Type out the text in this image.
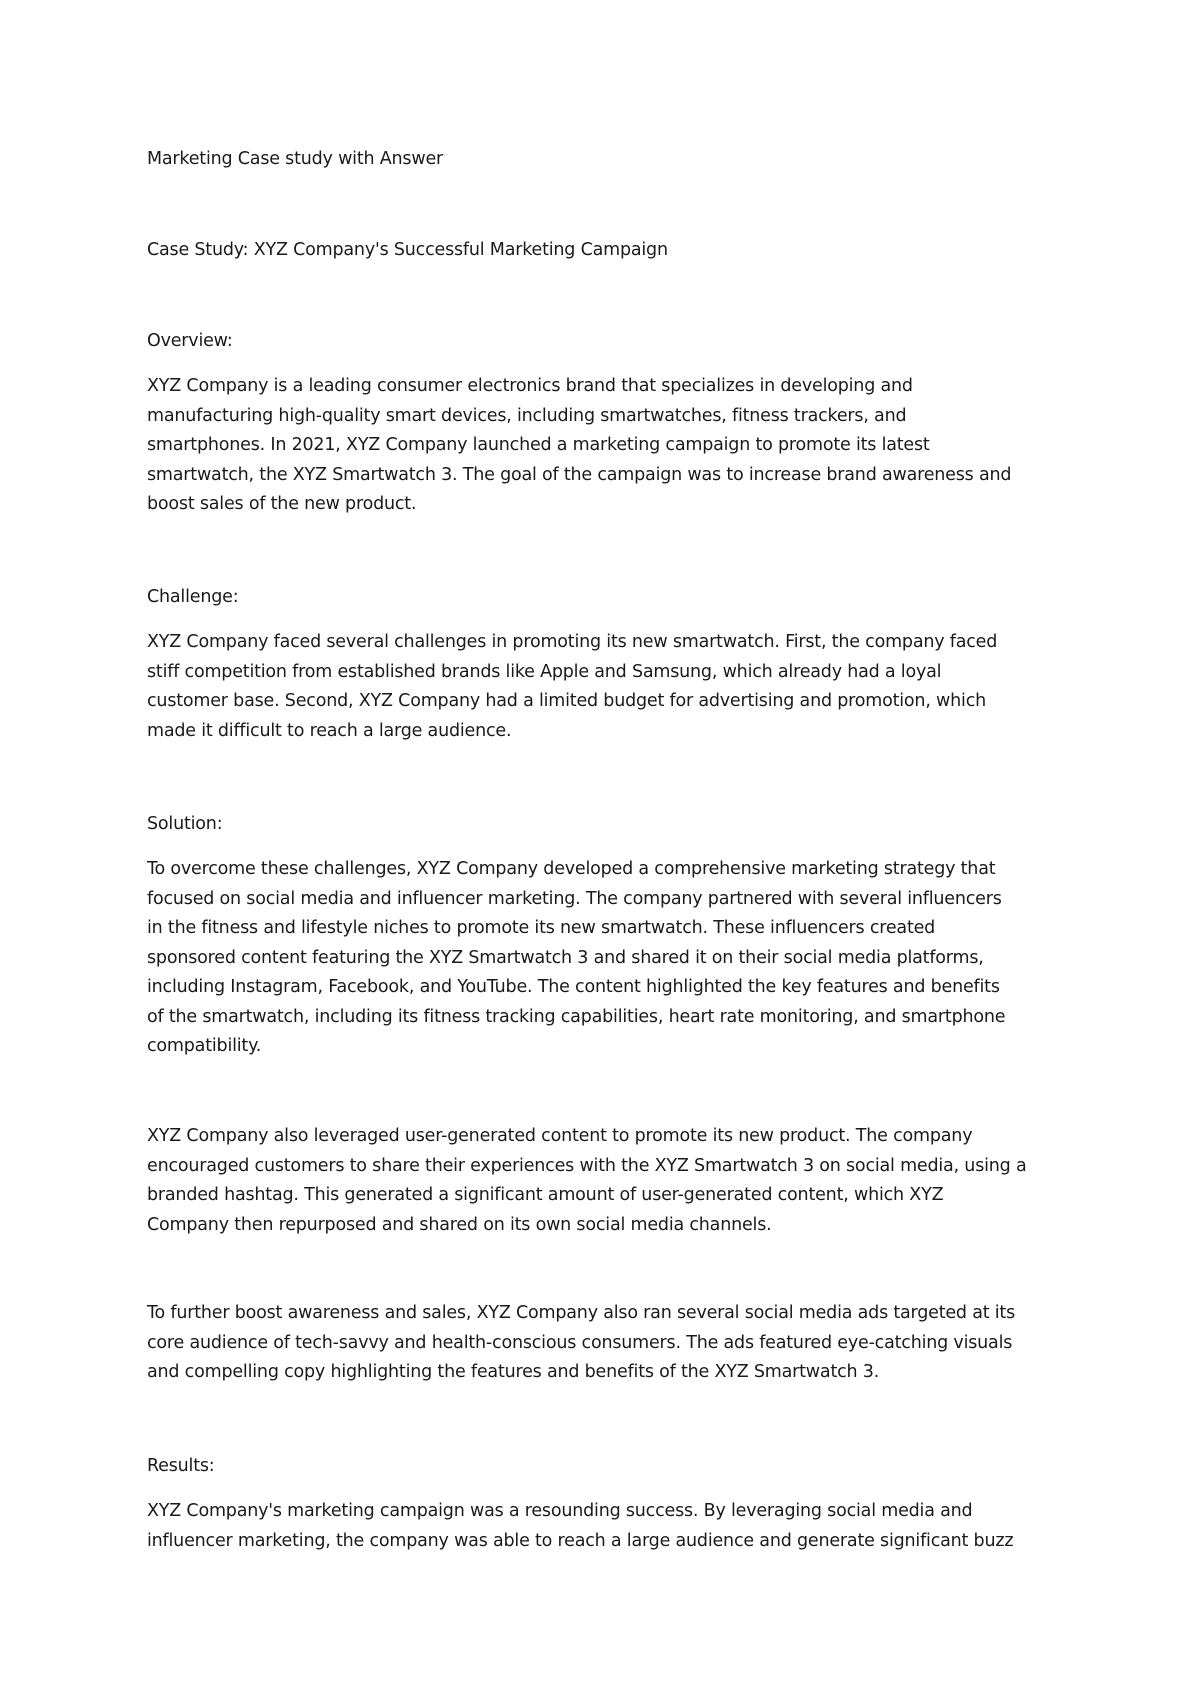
Marketing Case study with Answer

Case Study: XYZ Company's Successful Marketing Campaign

Overview:

XYZ Company is a leading consumer electronics brand that specializes in developing and
manufacturing high-quality smart devices, including smartwatches, fitness trackers, and
smartphones. In 2021, XYZ Company launched a marketing campaign to promote its latest
smartwatch, the XYZ Smartwatch 3. The goal of the campaign was to increase brand awareness and
boost sales of the new product.

Challenge:

XYZ Company faced several challenges in promoting its new smartwatch. First, the company faced
stiff competition from established brands like Apple and Samsung, which already had a loyal
customer base. Second, XYZ Company had a limited budget for advertising and promotion, which
made it difficult to reach a large audience.

Solution:

To overcome these challenges, XYZ Company developed a comprehensive marketing strategy that
focused on social media and influencer marketing. The company partnered with several influencers
in the fitness and lifestyle niches to promote its new smartwatch. These influencers created
sponsored content featuring the XYZ Smartwatch 3 and shared it on their social media platforms,
including Instagram, Facebook, and YouTube. The content highlighted the key features and benefits
of the smartwatch, including its fitness tracking capabilities, heart rate monitoring, and smartphone
compatibility.
XYZ Company also leveraged user-generated content to promote its new product. The company
encouraged customers to share their experiences with the XYZ Smartwatch 3 on social media, using a
branded hashtag. This generated a significant amount of user-generated content, which XYZ
Company then repurposed and shared on its own social media channels.
To further boost awareness and sales, XYZ Company also ran several social media ads targeted at its
core audience of tech-savvy and health-conscious consumers. The ads featured eye-catching visuals
and compelling copy highlighting the features and benefits of the XYZ Smartwatch 3.

Results:

XYZ Company's marketing campaign was a resounding success. By leveraging social media and
influencer marketing, the company was able to reach a large audience and generate significant buzz
